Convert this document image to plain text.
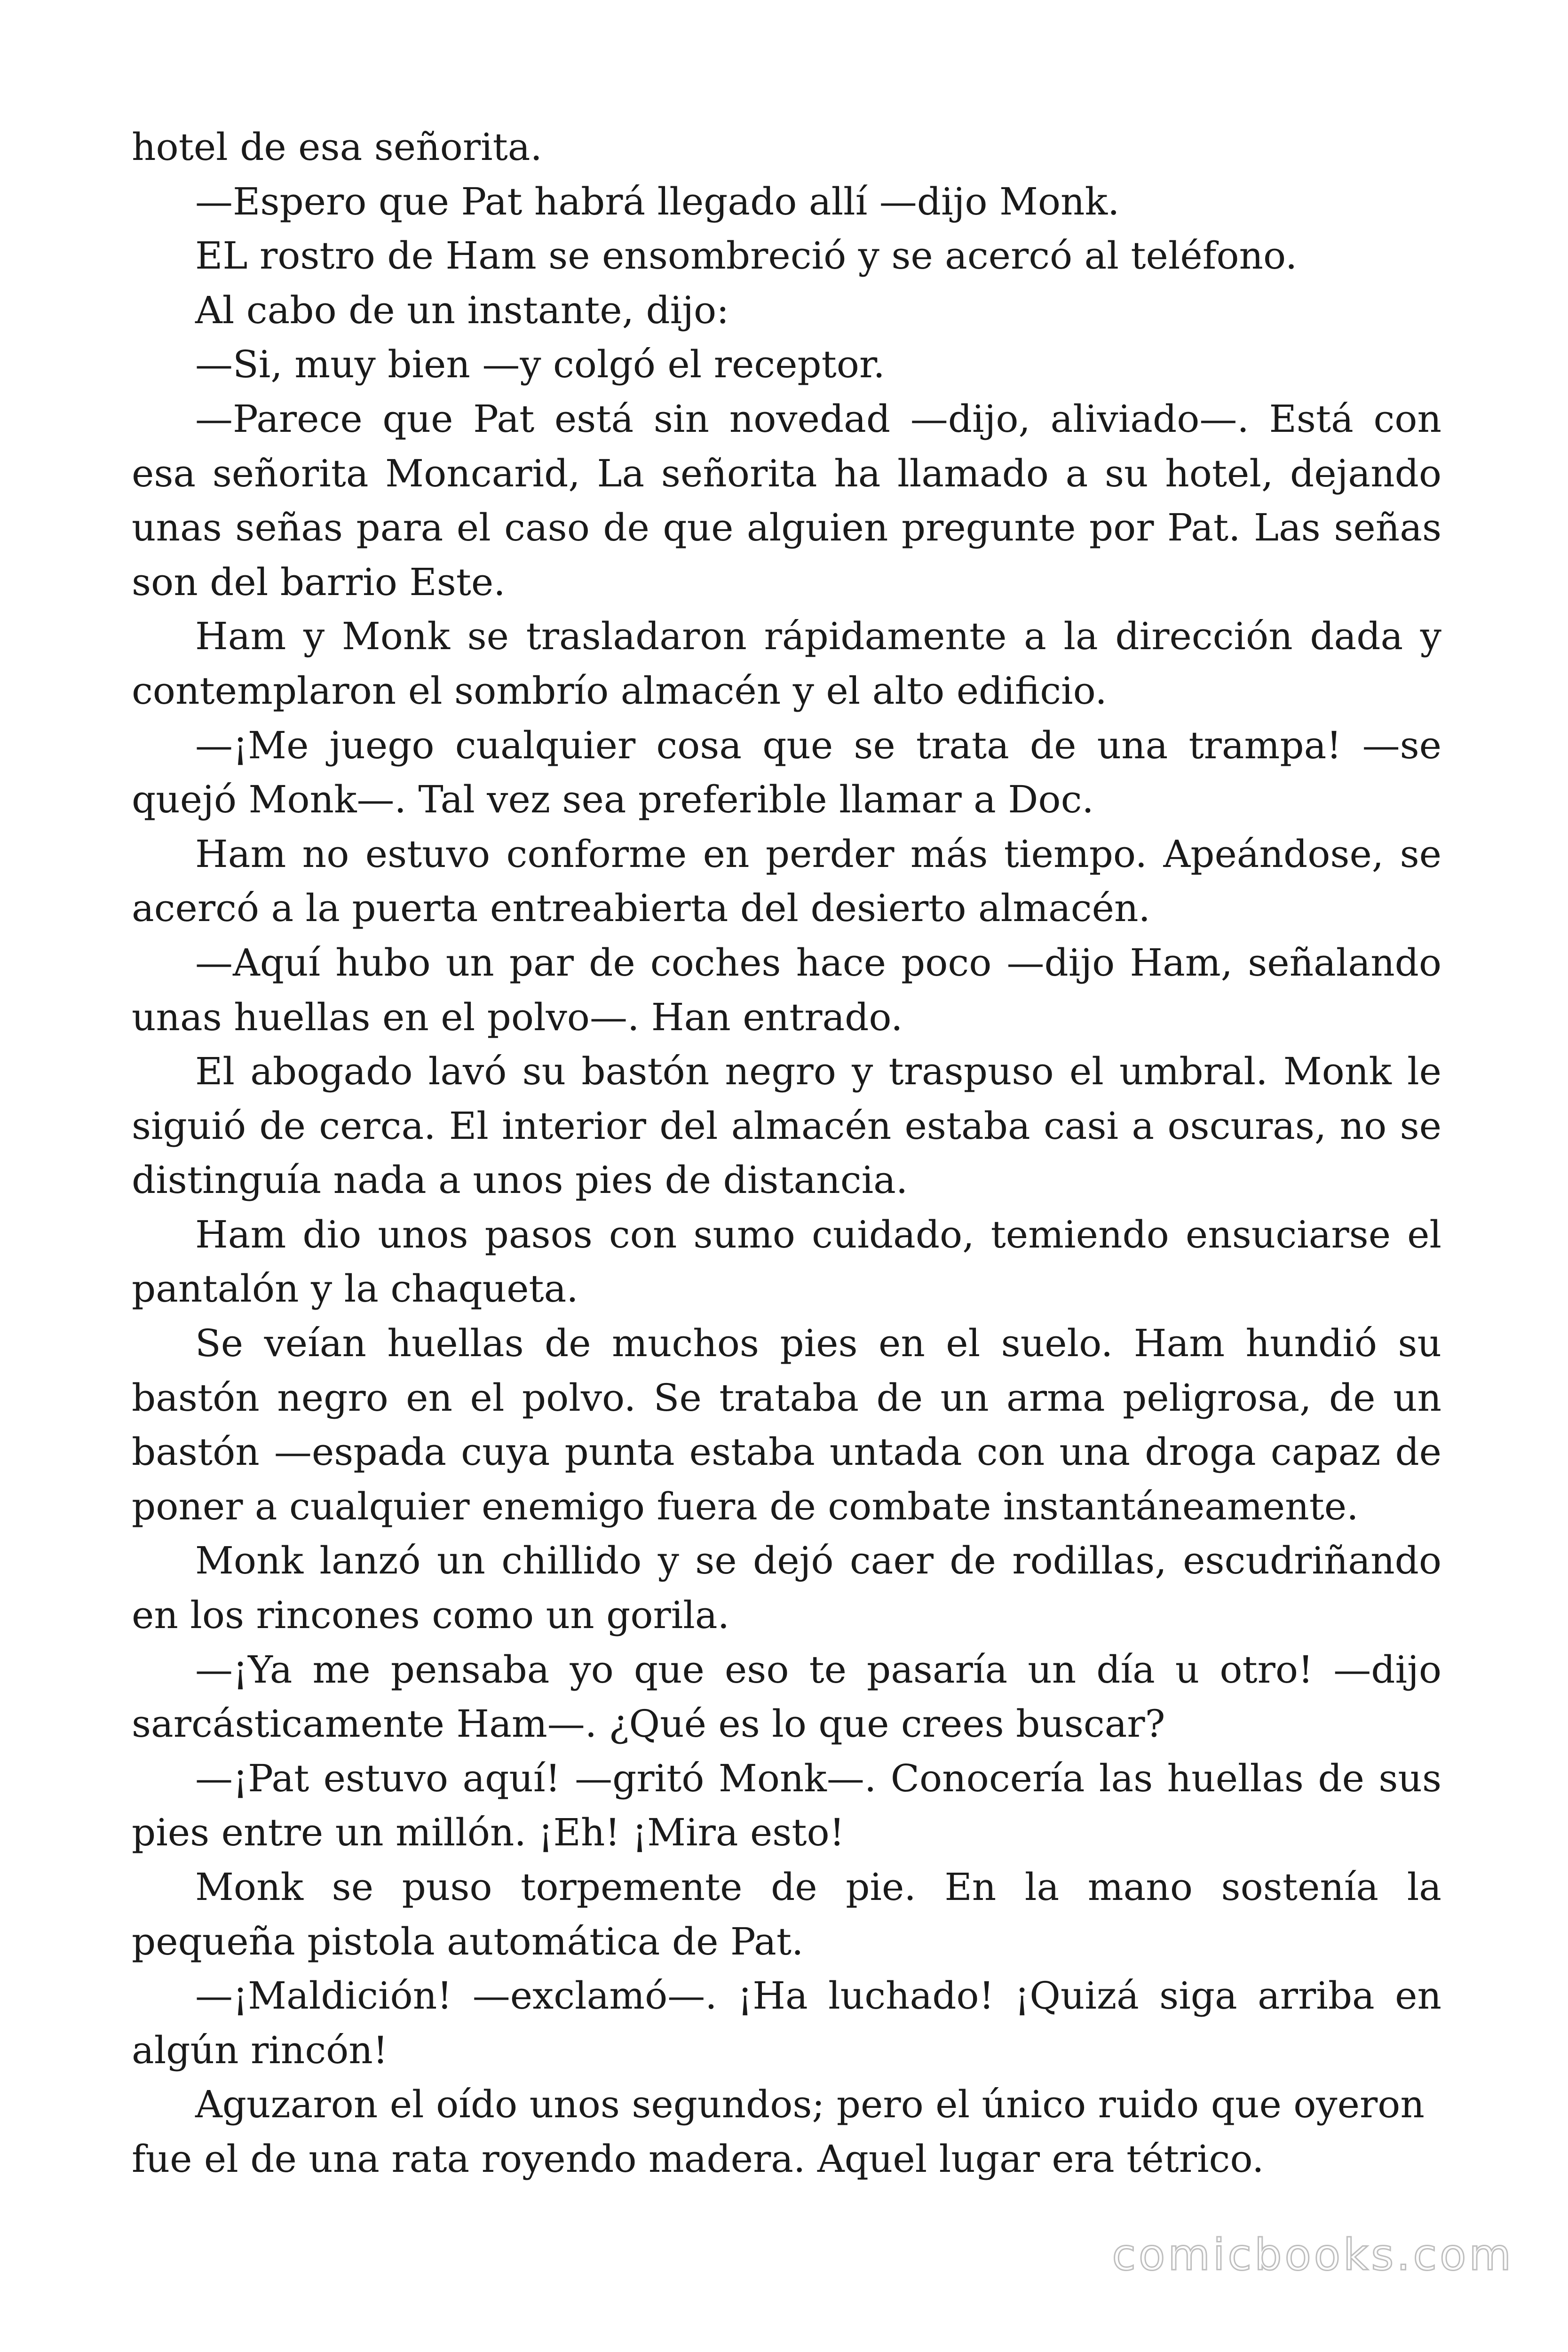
hotel de esa señorita.

—Espero que Pat habrá llegado allí —dijo Monk.

EL rostro de Ham se ensombreció y se acercó al teléfono.

Al cabo de un instante, dijo:

—Si, muy bien —y colgó el receptor.

—Parece que Pat está sin novedad —dijo, aliviado—. Está con esa señorita Moncarid, La señorita ha llamado a su hotel, dejando unas señas para el caso de que alguien pregunte por Pat. Las señas son del barrio Este.

Ham y Monk se trasladaron rápidamente a la dirección dada y contemplaron el sombrío almacén y el alto edificio.

—¡Me juego cualquier cosa que se trata de una trampa! —se quejó Monk—. Tal vez sea preferible llamar a Doc.

Ham no estuvo conforme en perder más tiempo. Apeándose, se acercó a la puerta entreabierta del desierto almacén.

—Aquí hubo un par de coches hace poco —dijo Ham, señalando unas huellas en el polvo—. Han entrado.

El abogado lavó su bastón negro y traspuso el umbral. Monk le siguió de cerca. El interior del almacén estaba casi a oscuras, no se distinguía nada a unos pies de distancia.

Ham dio unos pasos con sumo cuidado, temiendo ensuciarse el pantalón y la chaqueta.

Se veían huellas de muchos pies en el suelo. Ham hundió su bastón negro en el polvo. Se trataba de un arma peligrosa, de un bastón —espada cuya punta estaba untada con una droga capaz de poner a cualquier enemigo fuera de combate instantáneamente.

Monk lanzó un chillido y se dejó caer de rodillas, escudriñando en los rincones como un gorila.

—¡Ya me pensaba yo que eso te pasaría un día u otro! —dijo sarcásticamente Ham—. ¿Qué es lo que crees buscar?

—¡Pat estuvo aquí! —gritó Monk—. Conocería las huellas de sus pies entre un millón. ¡Eh! ¡Mira esto!

Monk se puso torpemente de pie. En la mano sostenía la pequeña pistola automática de Pat.

—¡Maldición! —exclamó—. ¡Ha luchado! ¡Quizá siga arriba en algún rincón!

Aguzaron el oído unos segundos; pero el único ruido que oyeron fue el de una rata royendo madera. Aquel lugar era tétrico.

comicbooks.com
